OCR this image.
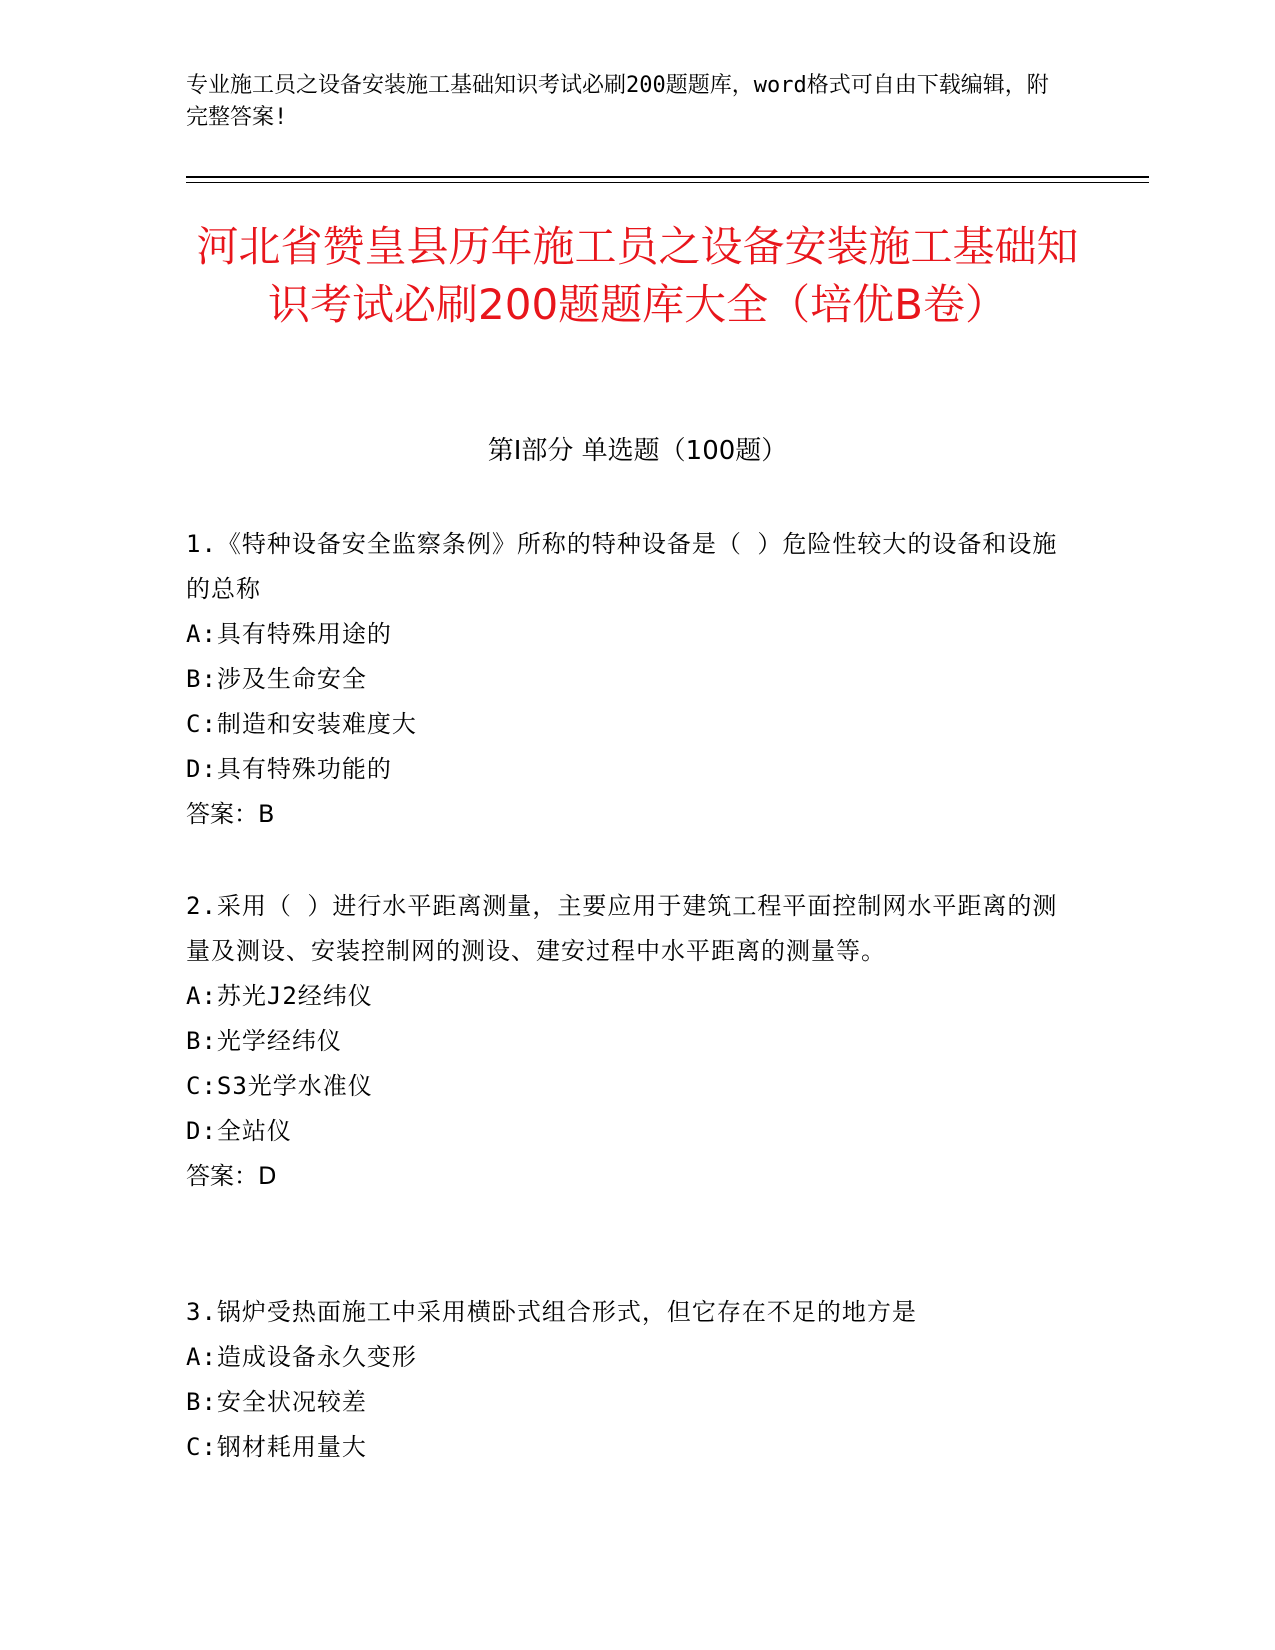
专业施工员之设备安装施工基础知识考试必刷200题题库，word格式可自由下载编辑，附完整答案!

河北省赞皇县历年施工员之设备安装施工基础知识考试必刷200题题库大全（培优B卷）
第I部分 单选题（100题）

1.《特种设备安全监察条例》所称的特种设备是（ ）危险性较大的设备和设施的总称

A:具有特殊用途的

B:涉及生命安全

C:制造和安装难度大

D:具有特殊功能的

答案：B

2.采用（ ）进行水平距离测量，主要应用于建筑工程平面控制网水平距离的测量及测设、安装控制网的测设、建安过程中水平距离的测量等。

A:苏光J2经纬仪

B:光学经纬仪

C:S3光学水准仪

D:全站仪

答案：D

3.锅炉受热面施工中采用横卧式组合形式，但它存在不足的地方是

A:造成设备永久变形

B:安全状况较差

C:钢材耗用量大
